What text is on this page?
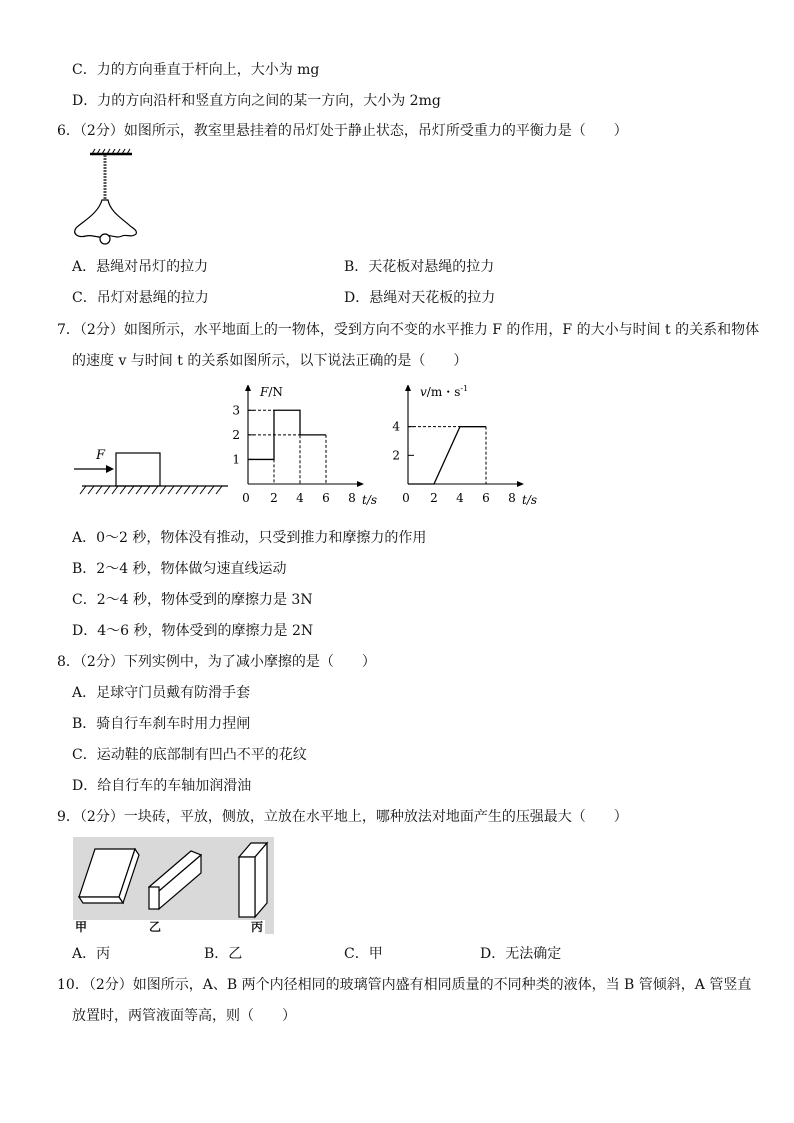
C．力的方向垂直于杆向上，大小为 mg
D．力的方向沿杆和竖直方向之间的某一方向，大小为 2mg
6．（2分）如图所示，教室里悬挂着的吊灯处于静止状态，吊灯所受重力的平衡力是（　　）
A．悬绳对吊灯的拉力	B．天花板对悬绳的拉力
C．吊灯对悬绳的拉力	D．悬绳对天花板的拉力
7．（2分）如图所示，水平地面上的一物体，受到方向不变的水平推力 F 的作用，F 的大小与时间 t 的关系和物体
的速度 v 与时间 t 的关系如图所示，以下说法正确的是（　　）
F
F/N
t/s
0 2 4 6 8
1
2
3
v/m・$s^{-1}$
t/s
0 2 4 6 8
2
4
A．0～2 秒，物体没有推动，只受到推力和摩擦力的作用
B．2～4 秒，物体做匀速直线运动
C．2～4 秒，物体受到的摩擦力是 3N
D．4～6 秒，物体受到的摩擦力是 2N
8．（2分）下列实例中，为了减小摩擦的是（　　）
A．足球守门员戴有防滑手套
B．骑自行车刹车时用力捏闸
C．运动鞋的底部制有凹凸不平的花纹
D．给自行车的车轴加润滑油
9．（2分）一块砖，平放，侧放，立放在水平地上，哪种放法对地面产生的压强最大（　　）
甲	乙	丙
A．丙	B．乙	C．甲	D．无法确定
10．（2分）如图所示，A、B 两个内径相同的玻璃管内盛有相同质量的不同种类的液体，当 B 管倾斜，A 管竖直
放置时，两管液面等高，则（　　）
